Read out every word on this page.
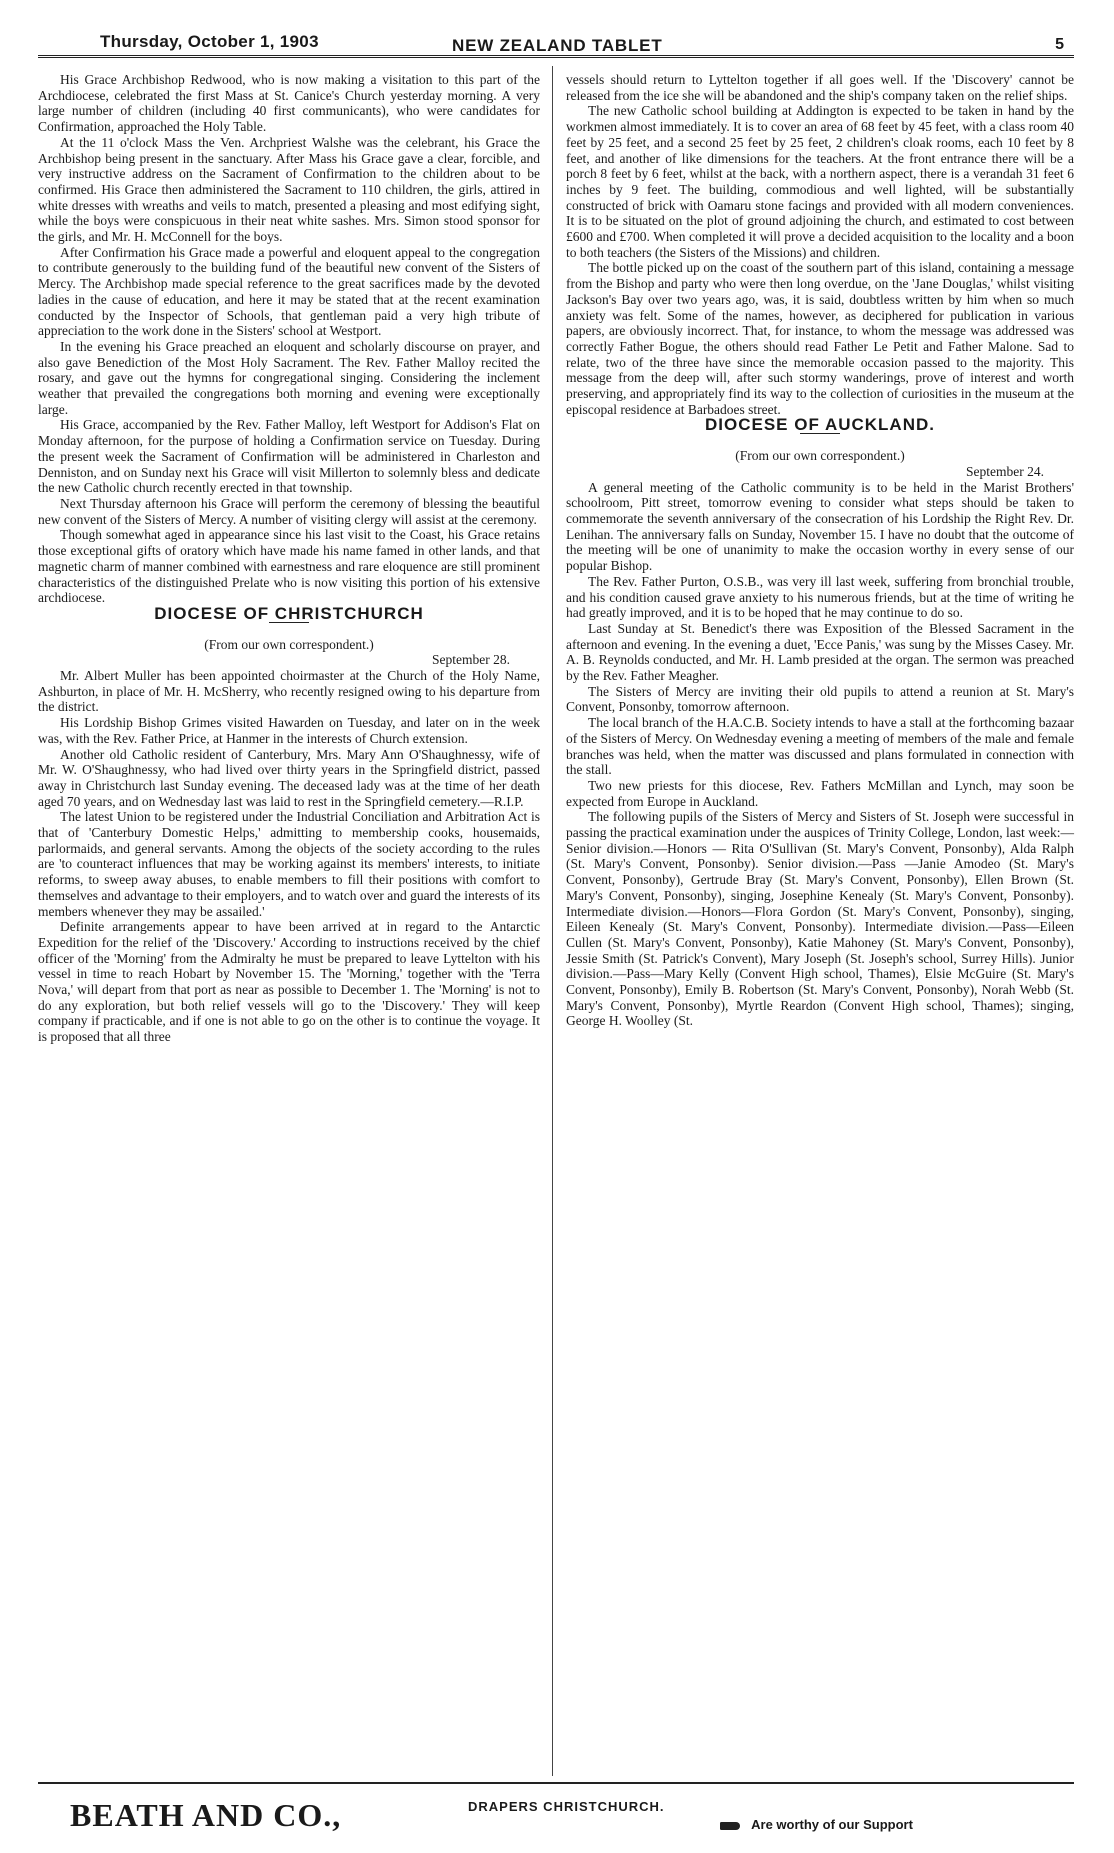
Thursday, October 1, 1903	NEW ZEALAND TABLET	5

His Grace Archbishop Redwood, who is now making a visitation to this part of the Archdiocese, celebrated the first Mass at St. Canice's Church yesterday morning. A very large number of children (including 40 first communicants), who were candidates for Confirmation, approached the Holy Table.

At the 11 o'clock Mass the Ven. Archpriest Walshe was the celebrant, his Grace the Archbishop being present in the sanctuary. After Mass his Grace gave a clear, forcible, and very instructive address on the Sacrament of Confirmation to the children about to be confirmed. His Grace then administered the Sacrament to 110 children, the girls, attired in white dresses with wreaths and veils to match, presented a pleasing and most edifying sight, while the boys were conspicuous in their neat white sashes. Mrs. Simon stood sponsor for the girls, and Mr. H. McConnell for the boys.

After Confirmation his Grace made a powerful and eloquent appeal to the congregation to contribute generously to the building fund of the beautiful new convent of the Sisters of Mercy. The Archbishop made special reference to the great sacrifices made by the devoted ladies in the cause of education, and here it may be stated that at the recent examination conducted by the Inspector of Schools, that gentleman paid a very high tribute of appreciation to the work done in the Sisters' school at Westport.

In the evening his Grace preached an eloquent and scholarly discourse on prayer, and also gave Benediction of the Most Holy Sacrament. The Rev. Father Malloy recited the rosary, and gave out the hymns for congregational singing. Considering the inclement weather that prevailed the congregations both morning and evening were exceptionally large.

His Grace, accompanied by the Rev. Father Malloy, left Westport for Addison's Flat on Monday afternoon, for the purpose of holding a Confirmation service on Tuesday. During the present week the Sacrament of Confirmation will be administered in Charleston and Denniston, and on Sunday next his Grace will visit Millerton to solemnly bless and dedicate the new Catholic church recently erected in that township.

Next Thursday afternoon his Grace will perform the ceremony of blessing the beautiful new convent of the Sisters of Mercy. A number of visiting clergy will assist at the ceremony.

Though somewhat aged in appearance since his last visit to the Coast, his Grace retains those exceptional gifts of oratory which have made his name famed in other lands, and that magnetic charm of manner combined with earnestness and rare eloquence are still prominent characteristics of the distinguished Prelate who is now visiting this portion of his extensive archdiocese.

DIOCESE OF CHRISTCHURCH

(From our own correspondent.)

September 28.

Mr. Albert Muller has been appointed choirmaster at the Church of the Holy Name, Ashburton, in place of Mr. H. McSherry, who recently resigned owing to his departure from the district.

His Lordship Bishop Grimes visited Hawarden on Tuesday, and later on in the week was, with the Rev. Father Price, at Hanmer in the interests of Church extension.

Another old Catholic resident of Canterbury, Mrs. Mary Ann O'Shaughnessy, wife of Mr. W. O'Shaughnessy, who had lived over thirty years in the Springfield district, passed away in Christchurch last Sunday evening. The deceased lady was at the time of her death aged 70 years, and on Wednesday last was laid to rest in the Springfield cemetery.—R.I.P.

The latest Union to be registered under the Industrial Conciliation and Arbitration Act is that of 'Canterbury Domestic Helps,' admitting to membership cooks, housemaids, parlormaids, and general servants. Among the objects of the society according to the rules are 'to counteract influences that may be working against its members' interests, to initiate reforms, to sweep away abuses, to enable members to fill their positions with comfort to themselves and advantage to their employers, and to watch over and guard the interests of its members whenever they may be assailed.'

Definite arrangements appear to have been arrived at in regard to the Antarctic Expedition for the relief of the 'Discovery.' According to instructions received by the chief officer of the 'Morning' from the Admiralty he must be prepared to leave Lyttelton with his vessel in time to reach Hobart by November 15. The 'Morning,' together with the 'Terra Nova,' will depart from that port as near as possible to December 1. The 'Morning' is not to do any exploration, but both relief vessels will go to the 'Discovery.' They will keep company if practicable, and if one is not able to go on the other is to continue the voyage. It is proposed that all three

vessels should return to Lyttelton together if all goes well. If the 'Discovery' cannot be released from the ice she will be abandoned and the ship's company taken on the relief ships.

The new Catholic school building at Addington is expected to be taken in hand by the workmen almost immediately. It is to cover an area of 68 feet by 45 feet, with a class room 40 feet by 25 feet, and a second 25 feet by 25 feet, 2 children's cloak rooms, each 10 feet by 8 feet, and another of like dimensions for the teachers. At the front entrance there will be a porch 8 feet by 6 feet, whilst at the back, with a northern aspect, there is a verandah 31 feet 6 inches by 9 feet. The building, commodious and well lighted, will be substantially constructed of brick with Oamaru stone facings and provided with all modern conveniences. It is to be situated on the plot of ground adjoining the church, and estimated to cost between £600 and £700. When completed it will prove a decided acquisition to the locality and a boon to both teachers (the Sisters of the Missions) and children.

The bottle picked up on the coast of the southern part of this island, containing a message from the Bishop and party who were then long overdue, on the 'Jane Douglas,' whilst visiting Jackson's Bay over two years ago, was, it is said, doubtless written by him when so much anxiety was felt. Some of the names, however, as deciphered for publication in various papers, are obviously incorrect. That, for instance, to whom the message was addressed was correctly Father Bogue, the others should read Father Le Petit and Father Malone. Sad to relate, two of the three have since the memorable occasion passed to the majority. This message from the deep will, after such stormy wanderings, prove of interest and worth preserving, and appropriately find its way to the collection of curiosities in the museum at the episcopal residence at Barbadoes street.

DIOCESE OF AUCKLAND.

(From our own correspondent.)

September 24.

A general meeting of the Catholic community is to be held in the Marist Brothers' schoolroom, Pitt street, tomorrow evening to consider what steps should be taken to commemorate the seventh anniversary of the consecration of his Lordship the Right Rev. Dr. Lenihan. The anniversary falls on Sunday, November 15. I have no doubt that the outcome of the meeting will be one of unanimity to make the occasion worthy in every sense of our popular Bishop.

The Rev. Father Purton, O.S.B., was very ill last week, suffering from bronchial trouble, and his condition caused grave anxiety to his numerous friends, but at the time of writing he had greatly improved, and it is to be hoped that he may continue to do so.

Last Sunday at St. Benedict's there was Exposition of the Blessed Sacrament in the afternoon and evening. In the evening a duet, 'Ecce Panis,' was sung by the Misses Casey. Mr. A. B. Reynolds conducted, and Mr. H. Lamb presided at the organ. The sermon was preached by the Rev. Father Meagher.

The Sisters of Mercy are inviting their old pupils to attend a reunion at St. Mary's Convent, Ponsonby, tomorrow afternoon.

The local branch of the H.A.C.B. Society intends to have a stall at the forthcoming bazaar of the Sisters of Mercy. On Wednesday evening a meeting of members of the male and female branches was held, when the matter was discussed and plans formulated in connection with the stall.

Two new priests for this diocese, Rev. Fathers McMillan and Lynch, may soon be expected from Europe in Auckland.

The following pupils of the Sisters of Mercy and Sisters of St. Joseph were successful in passing the practical examination under the auspices of Trinity College, London, last week:—Senior division.—Honors — Rita O'Sullivan (St. Mary's Convent, Ponsonby), Alda Ralph (St. Mary's Convent, Ponsonby). Senior division.—Pass —Janie Amodeo (St. Mary's Convent, Ponsonby), Gertrude Bray (St. Mary's Convent, Ponsonby), Ellen Brown (St. Mary's Convent, Ponsonby), singing, Josephine Kenealy (St. Mary's Convent, Ponsonby). Intermediate division.—Honors—Flora Gordon (St. Mary's Convent, Ponsonby), singing, Eileen Kenealy (St. Mary's Convent, Ponsonby). Intermediate division.—Pass—Eileen Cullen (St. Mary's Convent, Ponsonby), Katie Mahoney (St. Mary's Convent, Ponsonby), Jessie Smith (St. Patrick's Convent), Mary Joseph (St. Joseph's school, Surrey Hills). Junior division.—Pass—Mary Kelly (Convent High school, Thames), Elsie McGuire (St. Mary's Convent, Ponsonby), Emily B. Robertson (St. Mary's Convent, Ponsonby), Norah Webb (St. Mary's Convent, Ponsonby), Myrtle Reardon (Convent High school, Thames); singing, George H. Woolley (St.

BEATH AND CO.,	DRAPERS CHRISTCHURCH.
Are worthy of our Support
